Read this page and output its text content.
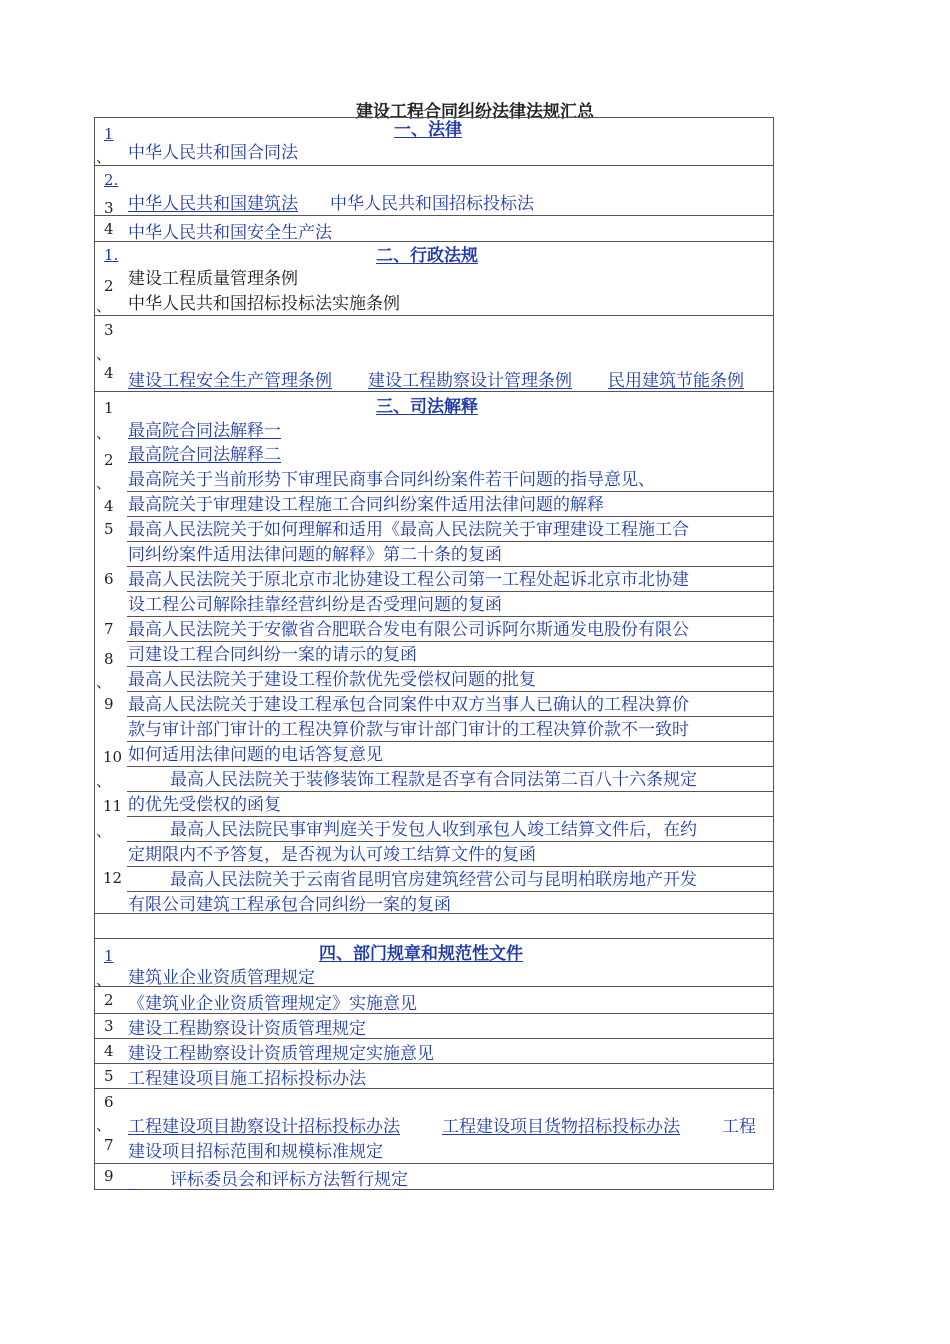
建设工程合同纠纷法律法规汇总
一、法律
1
、 中华人民共和国合同法
2.
3 中华人民共和国建筑法 中华人民共和国招标投标法
4 中华人民共和国安全生产法
二、行政法规
1.
建设工程质量管理条例
2
、 中华人民共和国招标投标法实施条例
3
、
4 建设工程安全生产管理条例 建设工程勘察设计管理条例 民用建筑节能条例
三、司法解释
1
、
2
、
4
5
6
7
8
、
9
10
、
11
、
12
最高院合同法解释一
最高院合同法解释二
最高院关于当前形势下审理民商事合同纠纷案件若干问题的指导意见、
最高院关于审理建设工程施工合同纠纷案件适用法律问题的解释
最高人民法院关于如何理解和适用《最高人民法院关于审理建设工程施工合
同纠纷案件适用法律问题的解释》第二十条的复函
最高人民法院关于原北京市北协建设工程公司第一工程处起诉北京市北协建
设工程公司解除挂靠经营纠纷是否受理问题的复函
最高人民法院关于安徽省合肥联合发电有限公司诉阿尔斯通发电股份有限公
司建设工程合同纠纷一案的请示的复函
最高人民法院关于建设工程价款优先受偿权问题的批复
最高人民法院关于建设工程承包合同案件中双方当事人已确认的工程决算价
款与审计部门审计的工程决算价款与审计部门审计的工程决算价款不一致时
如何适用法律问题的电话答复意见
最高人民法院关于装修装饰工程款是否享有合同法第二百八十六条规定
的优先受偿权的函复
最高人民法院民事审判庭关于发包人收到承包人竣工结算文件后，在约
定期限内不予答复，是否视为认可竣工结算文件的复函
最高人民法院关于云南省昆明官房建筑经营公司与昆明柏联房地产开发
有限公司建筑工程承包合同纠纷一案的复函
四、部门规章和规范性文件
1
、 建筑业企业资质管理规定
2 《建筑业企业资质管理规定》实施意见
3 建设工程勘察设计资质管理规定
4 建设工程勘察设计资质管理规定实施意见
5 工程建设项目施工招标投标办法
6
、
7
工程建设项目勘察设计招标投标办法 工程建设项目货物招标投标办法 工程
建设项目招标范围和规模标准规定
9	评标委员会和评标方法暂行规定
